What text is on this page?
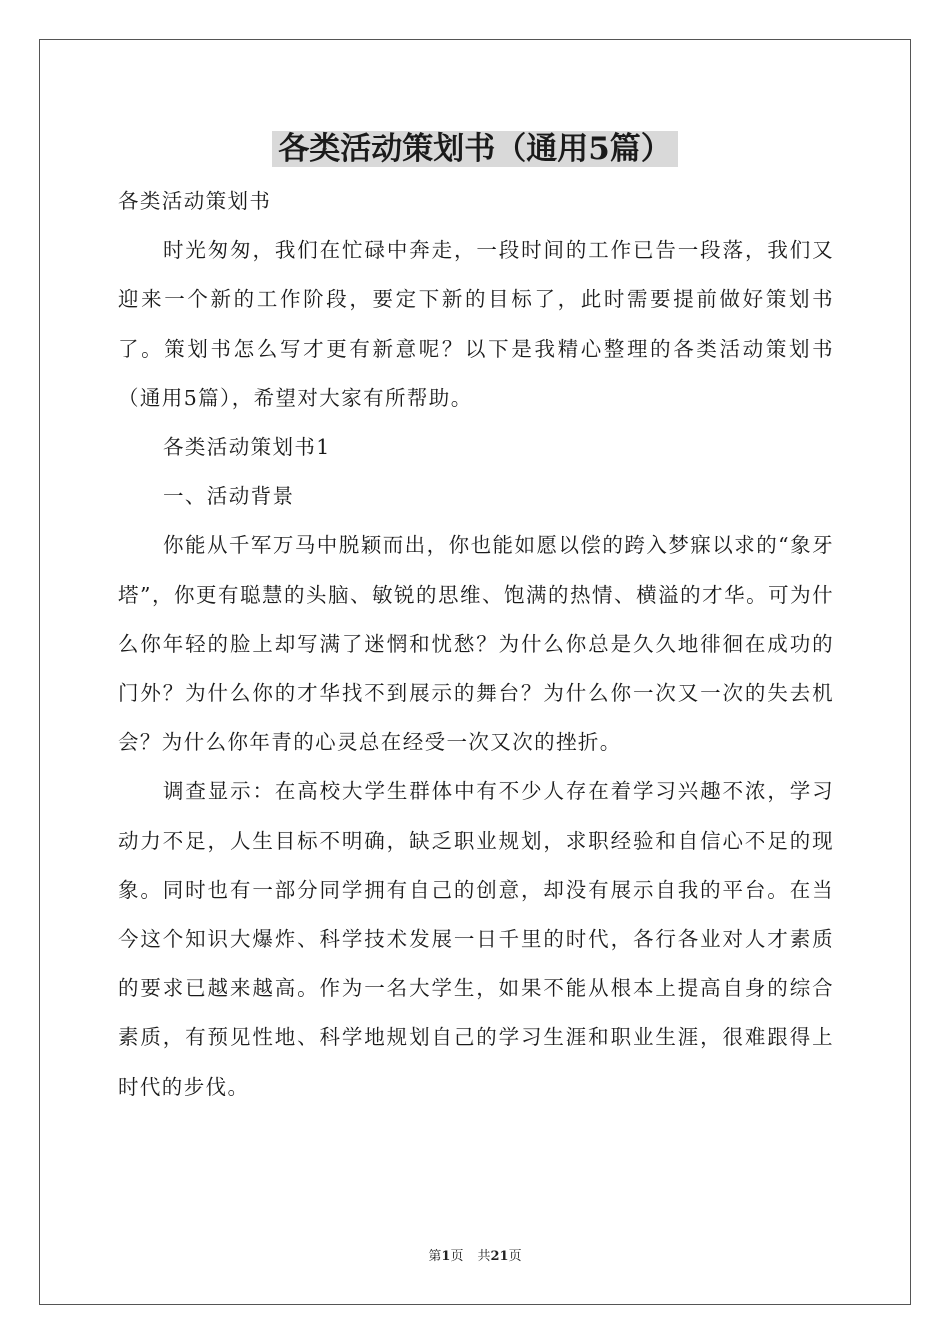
各类活动策划书（通用5篇）

各类活动策划书

时光匆匆，我们在忙碌中奔走，一段时间的工作已告一段落，我们又迎来一个新的工作阶段，要定下新的目标了，此时需要提前做好策划书了。策划书怎么写才更有新意呢？以下是我精心整理的各类活动策划书（通用5篇），希望对大家有所帮助。

各类活动策划书1

一、活动背景

你能从千军万马中脱颖而出，你也能如愿以偿的跨入梦寐以求的“象牙塔”，你更有聪慧的头脑、敏锐的思维、饱满的热情、横溢的才华。可为什么你年轻的脸上却写满了迷惘和忧愁？为什么你总是久久地徘徊在成功的门外？为什么你的才华找不到展示的舞台？为什么你一次又一次的失去机会？为什么你年青的心灵总在经受一次又次的挫折。

调查显示：在高校大学生群体中有不少人存在着学习兴趣不浓，学习动力不足，人生目标不明确，缺乏职业规划，求职经验和自信心不足的现象。同时也有一部分同学拥有自己的创意，却没有展示自我的平台。在当今这个知识大爆炸、科学技术发展一日千里的时代，各行各业对人才素质的要求已越来越高。作为一名大学生，如果不能从根本上提高自身的综合素质，有预见性地、科学地规划自己的学习生涯和职业生涯，很难跟得上时代的步伐。

第1页 共21页
